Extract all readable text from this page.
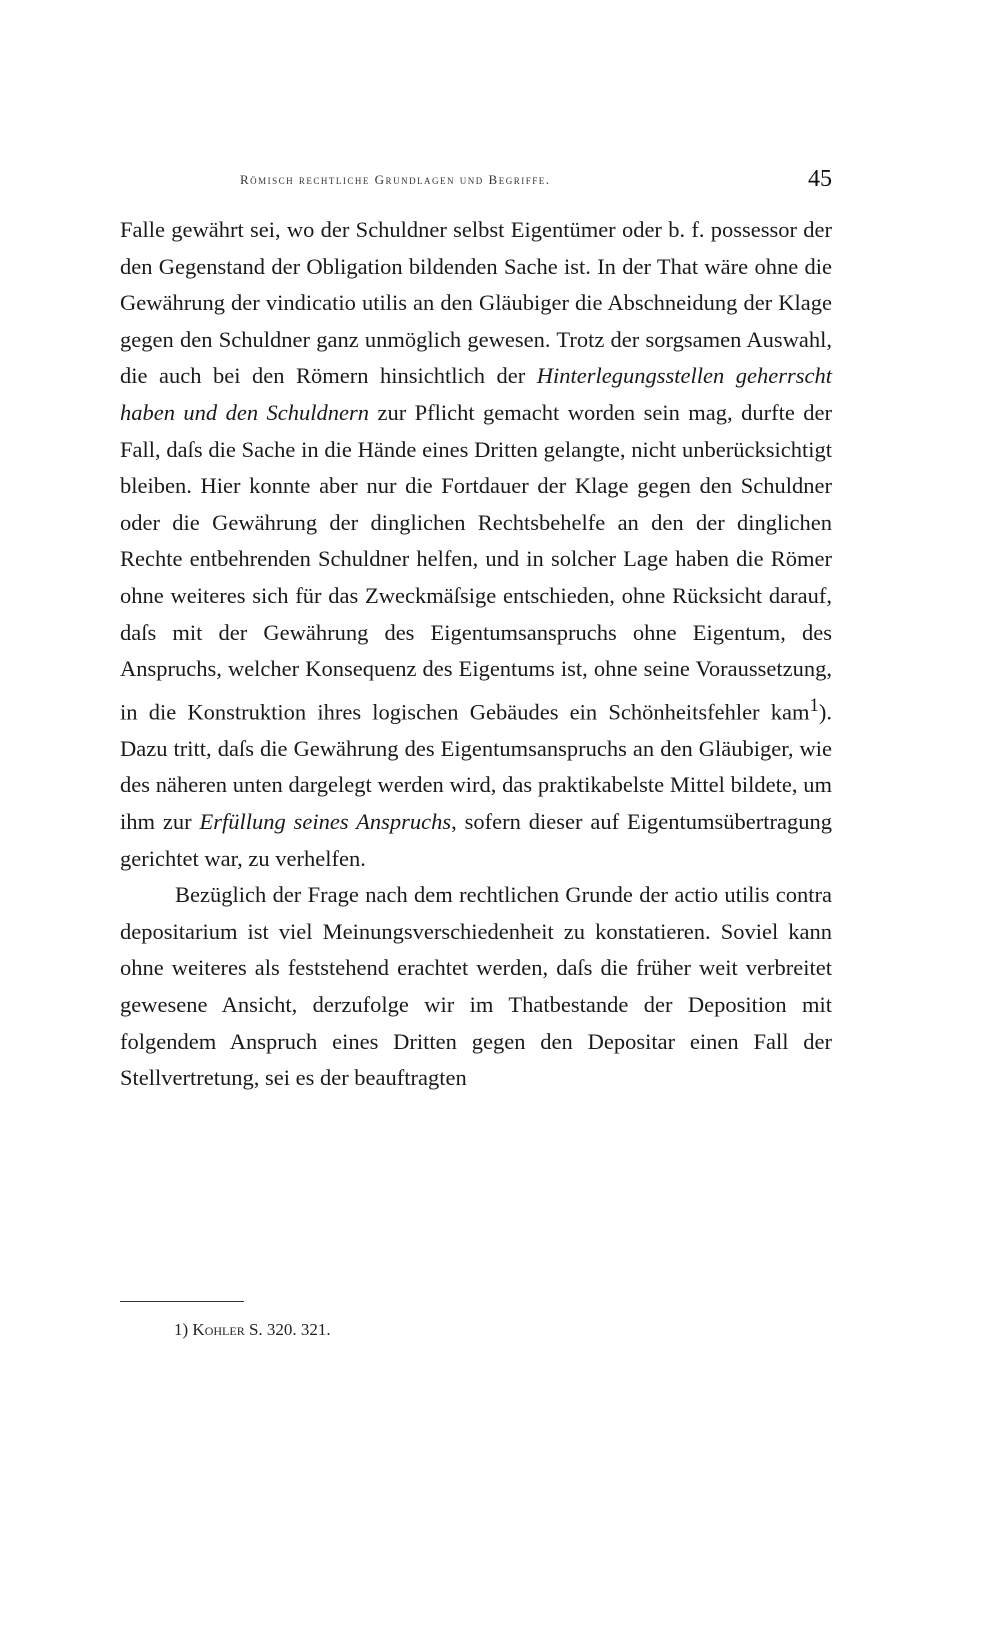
Römisch rechtliche Grundlagen und Begriffe.	45

Falle gewährt sei, wo der Schuldner selbst Eigentümer oder b. f. possessor der den Gegenstand der Obligation bildenden Sache ist. In der That wäre ohne die Gewährung der vindicatio utilis an den Gläubiger die Abschneidung der Klage gegen den Schuldner ganz unmöglich gewesen. Trotz der sorgsamen Auswahl, die auch bei den Römern hinsichtlich der Hinterlegungsstellen geherrscht haben und den Schuldnern zur Pflicht gemacht worden sein mag, durfte der Fall, daſs die Sache in die Hände eines Dritten gelangte, nicht unberücksichtigt bleiben. Hier konnte aber nur die Fortdauer der Klage gegen den Schuldner oder die Gewährung der dinglichen Rechtsbehelfe an den der dinglichen Rechte entbehrenden Schuldner helfen, und in solcher Lage haben die Römer ohne weiteres sich für das Zweckmäſsige entschieden, ohne Rücksicht darauf, daſs mit der Gewährung des Eigentumsanspruchs ohne Eigentum, des Anspruchs, welcher Konsequenz des Eigentums ist, ohne seine Voraussetzung, in die Konstruktion ihres logischen Gebäudes ein Schönheitsfehler kam$^1$). Dazu tritt, daſs die Gewährung des Eigentumsanspruchs an den Gläubiger, wie des näheren unten dargelegt werden wird, das praktikabelste Mittel bildete, um ihm zur Erfüllung seines Anspruchs, sofern dieser auf Eigentumsübertragung gerichtet war, zu verhelfen.

Bezüglich der Frage nach dem rechtlichen Grunde der actio utilis contra depositarium ist viel Meinungsverschiedenheit zu konstatieren. Soviel kann ohne weiteres als feststehend erachtet werden, daſs die früher weit verbreitet gewesene Ansicht, derzufolge wir im Thatbestande der Deposition mit folgendem Anspruch eines Dritten gegen den Depositar einen Fall der Stellvertretung, sei es der beauftragten

1) Kohler S. 320. 321.
